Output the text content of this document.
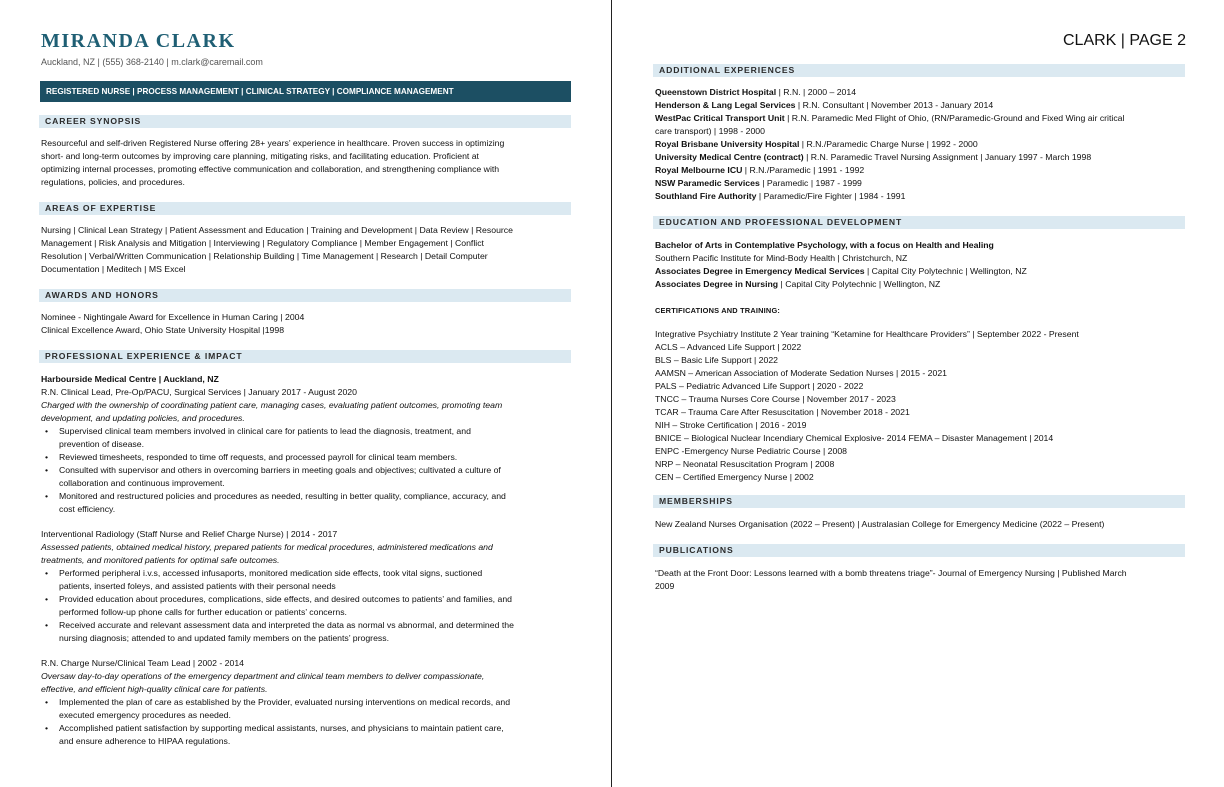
MIRANDA CLARK
Auckland, NZ | (555) 368-2140 | m.clark@caremail.com
REGISTERED NURSE | PROCESS MANAGEMENT | CLINICAL STRATEGY | COMPLIANCE MANAGEMENT
CAREER SYNOPSIS
Resourceful and self-driven Registered Nurse offering 28+ years’ experience in healthcare. Proven success in optimizing
short- and long-term outcomes by improving care planning, mitigating risks, and facilitating education. Proficient at
optimizing internal processes, promoting effective communication and collaboration, and strengthening compliance with
regulations, policies, and procedures.
AREAS OF EXPERTISE
Nursing | Clinical Lean Strategy | Patient Assessment and Education | Training and Development | Data Review | Resource
Management | Risk Analysis and Mitigation | Interviewing | Regulatory Compliance | Member Engagement | Conflict
Resolution | Verbal/Written Communication | Relationship Building | Time Management | Research | Detail Computer
Documentation | Meditech | MS Excel
AWARDS AND HONORS
Nominee - Nightingale Award for Excellence in Human Caring | 2004
Clinical Excellence Award, Ohio State University Hospital |1998
PROFESSIONAL EXPERIENCE & IMPACT
Harbourside Medical Centre | Auckland, NZ
R.N. Clinical Lead, Pre-Op/PACU, Surgical Services | January 2017 - August 2020
Charged with the ownership of coordinating patient care, managing cases, evaluating patient outcomes, promoting team
development, and updating policies, and procedures.
• Supervised clinical team members involved in clinical care for patients to lead the diagnosis, treatment, and
prevention of disease.
• Reviewed timesheets, responded to time off requests, and processed payroll for clinical team members.
• Consulted with supervisor and others in overcoming barriers in meeting goals and objectives; cultivated a culture of
collaboration and continuous improvement.
• Monitored and restructured policies and procedures as needed, resulting in better quality, compliance, accuracy, and
cost efficiency.
Interventional Radiology (Staff Nurse and Relief Charge Nurse) | 2014 - 2017
Assessed patients, obtained medical history, prepared patients for medical procedures, administered medications and
treatments, and monitored patients for optimal safe outcomes.
• Performed peripheral i.v.s, accessed infusaports, monitored medication side effects, took vital signs, suctioned
patients, inserted foleys, and assisted patients with their personal needs
• Provided education about procedures, complications, side effects, and desired outcomes to patients’ and families, and
performed follow-up phone calls for further education or patients’ concerns.
• Received accurate and relevant assessment data and interpreted the data as normal vs abnormal, and determined the
nursing diagnosis; attended to and updated family members on the patients’ progress.
R.N. Charge Nurse/Clinical Team Lead | 2002 - 2014
Oversaw day-to-day operations of the emergency department and clinical team members to deliver compassionate,
effective, and efficient high-quality clinical care for patients.
• Implemented the plan of care as established by the Provider, evaluated nursing interventions on medical records, and
executed emergency procedures as needed.
• Accomplished patient satisfaction by supporting medical assistants, nurses, and physicians to maintain patient care,
and ensure adherence to HIPAA regulations.
CLARK | PAGE 2
ADDITIONAL EXPERIENCES
Queenstown District Hospital | R.N. | 2000 – 2014
Henderson & Lang Legal Services | R.N. Consultant | November 2013 - January 2014
WestPac Critical Transport Unit | R.N. Paramedic Med Flight of Ohio, (RN/Paramedic-Ground and Fixed Wing air critical
care transport) | 1998 - 2000
Royal Brisbane University Hospital | R.N./Paramedic Charge Nurse | 1992 - 2000
University Medical Centre (contract) | R.N. Paramedic Travel Nursing Assignment | January 1997 - March 1998
Royal Melbourne ICU | R.N./Paramedic | 1991 - 1992
NSW Paramedic Services | Paramedic | 1987 - 1999
Southland Fire Authority | Paramedic/Fire Fighter | 1984 - 1991
EDUCATION AND PROFESSIONAL DEVELOPMENT
Bachelor of Arts in Contemplative Psychology, with a focus on Health and Healing
Southern Pacific Institute for Mind-Body Health | Christchurch, NZ
Associates Degree in Emergency Medical Services | Capital City Polytechnic | Wellington, NZ
Associates Degree in Nursing | Capital City Polytechnic | Wellington, NZ
CERTIFICATIONS AND TRAINING:
Integrative Psychiatry Institute 2 Year training “Ketamine for Healthcare Providers” | September 2022 - Present
ACLS – Advanced Life Support | 2022
BLS – Basic Life Support | 2022
AAMSN – American Association of Moderate Sedation Nurses | 2015 - 2021
PALS – Pediatric Advanced Life Support | 2020 - 2022
TNCC – Trauma Nurses Core Course | November 2017 - 2023
TCAR – Trauma Care After Resuscitation | November 2018 - 2021
NIH – Stroke Certification | 2016 - 2019
BNICE – Biological Nuclear Incendiary Chemical Explosive- 2014 FEMA – Disaster Management | 2014
ENPC -Emergency Nurse Pediatric Course | 2008
NRP – Neonatal Resuscitation Program | 2008
CEN – Certified Emergency Nurse | 2002
MEMBERSHIPS
New Zealand Nurses Organisation (2022 – Present) | Australasian College for Emergency Medicine (2022 – Present)
PUBLICATIONS
“Death at the Front Door: Lessons learned with a bomb threatens triage”- Journal of Emergency Nursing | Published March
2009
